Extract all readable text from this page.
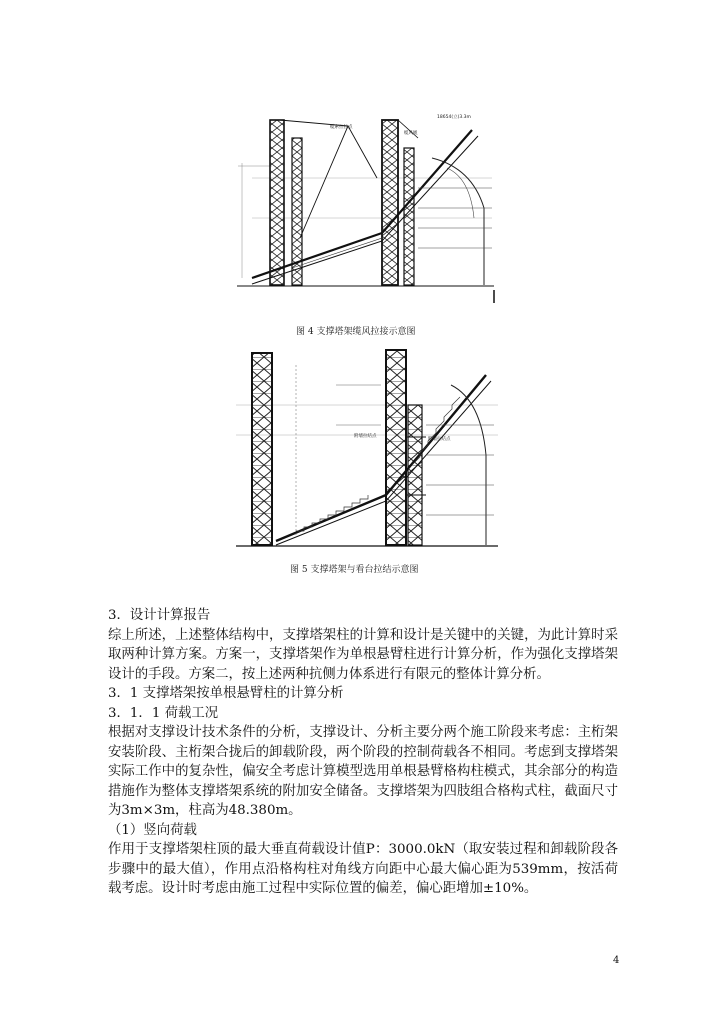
18654(立)3.3m
缆索拉拉点
缆风绳
图 4 支撑塔架缆风拉接示意图
附墙拉结点
附墙拉结点
图 5 支撑塔架与看台拉结示意图

3．设计计算报告

综上所述，上述整体结构中，支撑塔架柱的计算和设计是关键中的关键，为此计算时采取两种计算方案。方案一，支撑塔架作为单根悬臂柱进行计算分析，作为强化支撑塔架设计的手段。方案二，按上述两种抗侧力体系进行有限元的整体计算分析。

3．1 支撑塔架按单根悬臂柱的计算分析

3．1．1 荷载工况

根据对支撑设计技术条件的分析，支撑设计、分析主要分两个施工阶段来考虑：主桁架安装阶段、主桁架合拢后的卸载阶段，两个阶段的控制荷载各不相同。考虑到支撑塔架实际工作中的复杂性，偏安全考虑计算模型选用单根悬臂格构柱模式，其余部分的构造措施作为整体支撑塔架系统的附加安全储备。支撑塔架为四肢组合格构式柱，截面尺寸为3m×3m，柱高为48.380m。

（1）竖向荷载

作用于支撑塔架柱顶的最大垂直荷载设计值P：3000.0kN（取安装过程和卸载阶段各步骤中的最大值），作用点沿格构柱对角线方向距中心最大偏心距为539mm，按活荷载考虑。设计时考虑由施工过程中实际位置的偏差，偏心距增加±10%。

4
